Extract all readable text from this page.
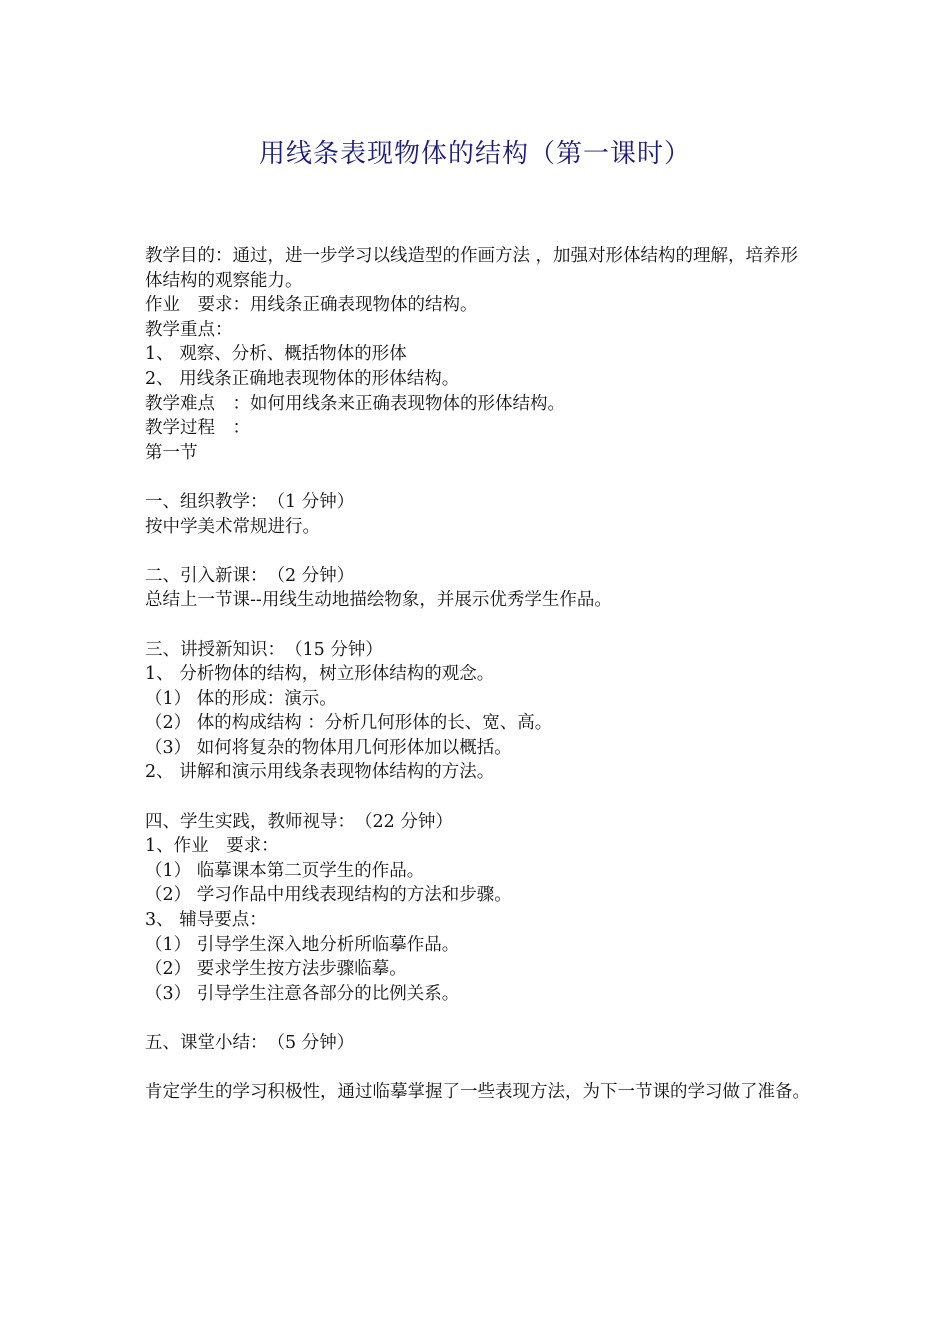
用线条表现物体的结构（第一课时）
教学目的：通过，进一步学习以线造型的作画方法 ，加强对形体结构的理解，培养形体结构的观察能力。
作业　要求：用线条正确表现物体的结构。
教学重点：
1、 观察、分析、概括物体的形体
2、 用线条正确地表现物体的形体结构。
教学难点　：如何用线条来正确表现物体的形体结构。
教学过程　：
第一节
一、组织教学：　（1 分钟）
按中学美术常规进行。
二、引入新课：　（2 分钟）
总结上一节课--用线生动地描绘物象，并展示优秀学生作品。
三、讲授新知识：　（15 分钟）
1、 分析物体的结构，树立形体结构的观念。
（1） 体的形成：演示。
（2） 体的构成结构 ：分析几何形体的长、宽、高。
（3） 如何将复杂的物体用几何形体加以概括。
2、 讲解和演示用线条表现物体结构的方法。
四、学生实践，教师视导：　（22 分钟）
1、作业　要求：
（1） 临摹课本第二页学生的作品。
（2） 学习作品中用线表现结构的方法和步骤。
3、 辅导要点：
（1） 引导学生深入地分析所临摹作品。
（2） 要求学生按方法步骤临摹。
（3） 引导学生注意各部分的比例关系。
五、课堂小结：　（5 分钟）
肯定学生的学习积极性，通过临摹掌握了一些表现方法，为下一节课的学习做了准备。
